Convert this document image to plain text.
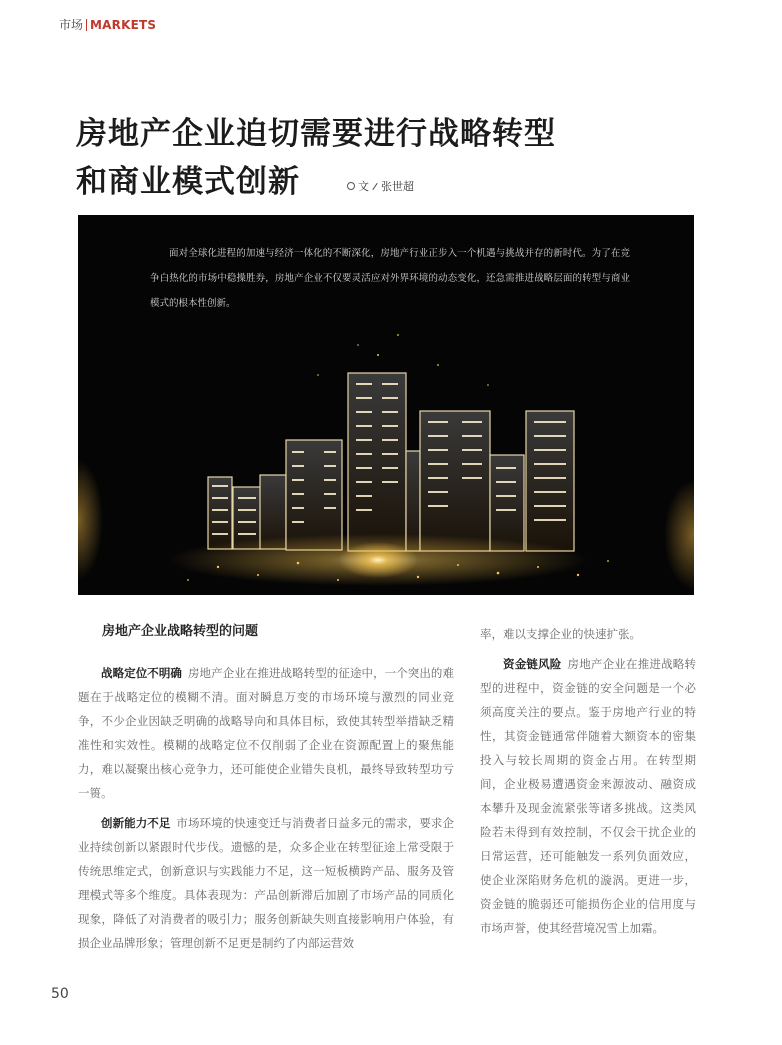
市场 MARKETS
房地产企业迫切需要进行战略转型
和商业模式创新	文 张世超

面对全球化进程的加速与经济一体化的不断深化，房地产行业正步入一个机遇与挑战并存的新时代。为了在竞争白热化的市场中稳操胜券，房地产企业不仅要灵活应对外界环境的动态变化，还急需推进战略层面的转型与商业模式的根本性创新。

房地产企业战略转型的问题

战略定位不明确 房地产企业在推进战略转型的征途中，一个突出的难题在于战略定位的模糊不清。面对瞬息万变的市场环境与激烈的同业竞争，不少企业因缺乏明确的战略导向和具体目标，致使其转型举措缺乏精准性和实效性。模糊的战略定位不仅削弱了企业在资源配置上的聚焦能力，难以凝聚出核心竞争力，还可能使企业错失良机，最终导致转型功亏一篑。

创新能力不足 市场环境的快速变迁与消费者日益多元的需求，要求企业持续创新以紧跟时代步伐。遗憾的是，众多企业在转型征途上常受限于传统思维定式，创新意识与实践能力不足，这一短板横跨产品、服务及管理模式等多个维度。具体表现为：产品创新滞后加剧了市场产品的同质化现象，降低了对消费者的吸引力；服务创新缺失则直接影响用户体验，有损企业品牌形象；管理创新不足更是制约了内部运营效

率，难以支撑企业的快速扩张。

资金链风险 房地产企业在推进战略转型的进程中，资金链的安全问题是一个必须高度关注的要点。鉴于房地产行业的特性，其资金链通常伴随着大额资本的密集投入与较长周期的资金占用。在转型期间，企业极易遭遇资金来源波动、融资成本攀升及现金流紧张等诸多挑战。这类风险若未得到有效控制，不仅会干扰企业的日常运营，还可能触发一系列负面效应，使企业深陷财务危机的漩涡。更进一步，资金链的脆弱还可能损伤企业的信用度与市场声誉，使其经营境况雪上加霜。

50
